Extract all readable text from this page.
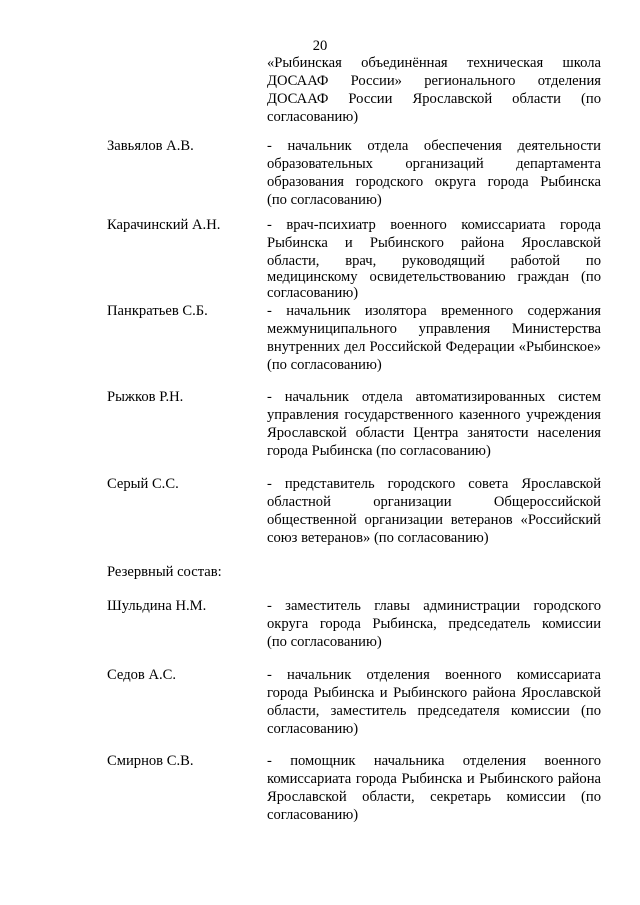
20
«Рыбинская объединённая техническая школа
ДОСААФ России» регионального отделения
ДОСААФ России Ярославской области (по
согласованию)
Завьялов А.В.	- начальник отдела обеспечения деятельности
образовательных организаций департамента
образования городского округа города Рыбинска
(по согласованию)
Карачинский А.Н.	- врач-психиатр военного комиссариата города
Рыбинска и Рыбинского района Ярославской
области, врач, руководящий работой по
медицинскому освидетельствованию граждан (по
согласованию)
Панкратьев С.Б.	- начальник изолятора временного содержания
межмуниципального управления Министерства
внутренних дел Российской Федерации «Рыбинское»
(по согласованию)
Рыжков Р.Н.	- начальник отдела автоматизированных систем
управления государственного казенного учреждения
Ярославской области Центра занятости населения
города Рыбинска (по согласованию)
Серый С.С.	- представитель городского совета Ярославской
областной организации Общероссийской
общественной организации ветеранов «Российский
союз ветеранов» (по согласованию)
Резервный состав:
Шульдина Н.М.	- заместитель главы администрации городского
округа города Рыбинска, председатель комиссии
(по согласованию)
Седов А.С.	- начальник отделения военного комиссариата
города Рыбинска и Рыбинского района Ярославской
области, заместитель председателя комиссии (по
согласованию)
Смирнов С.В.	- помощник начальника отделения военного
комиссариата города Рыбинска и Рыбинского района
Ярославской области, секретарь комиссии (по
согласованию)
